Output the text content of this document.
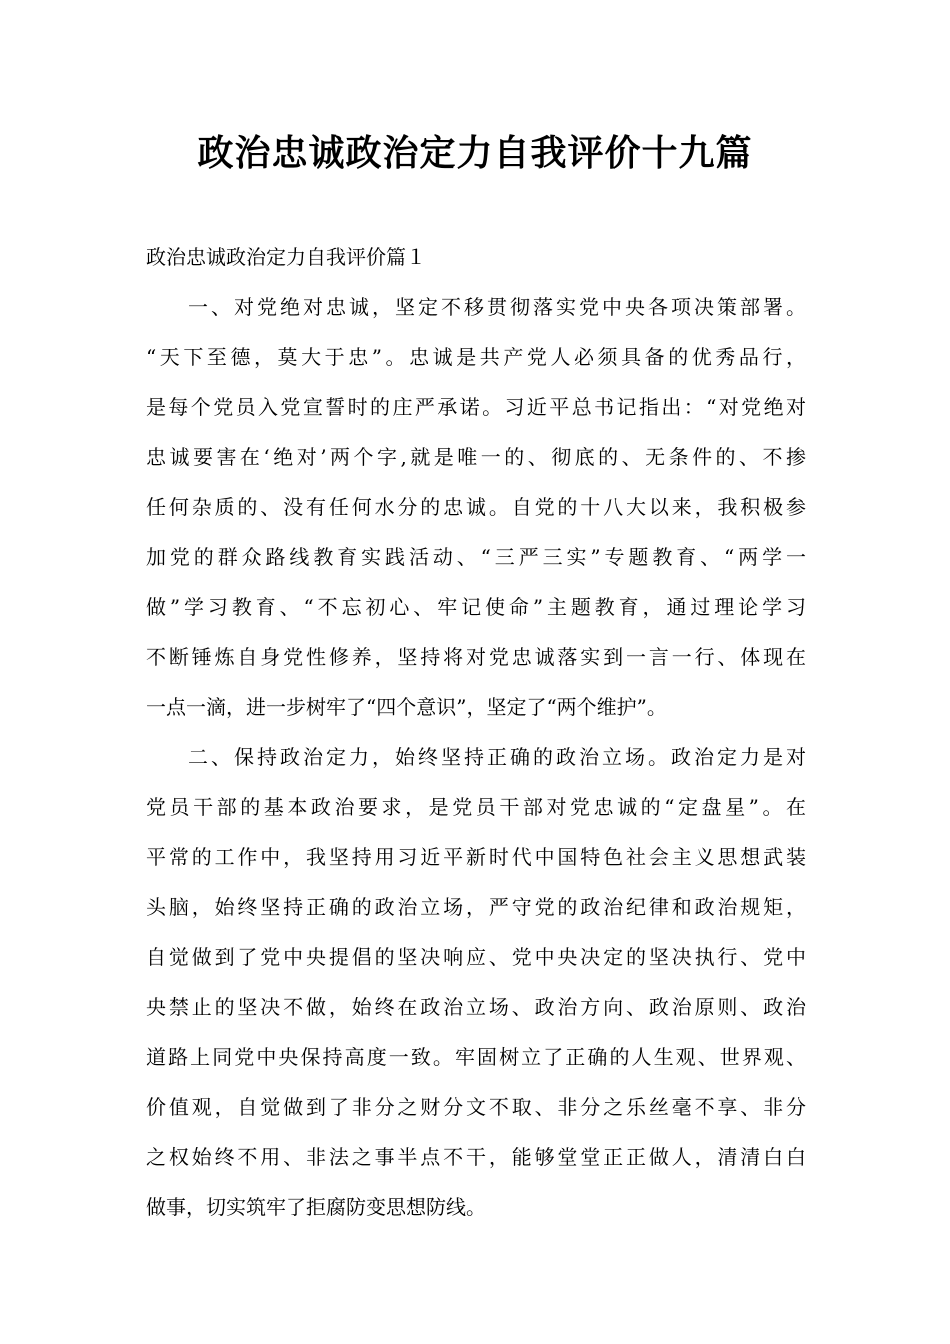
政治忠诚政治定力自我评价十九篇
政治忠诚政治定力自我评价篇１

一、对党绝对忠诚，坚定不移贯彻落实党中央各项决策部署。
“天下至德，莫大于忠”。忠诚是共产党人必须具备的优秀品行，
是每个党员入党宣誓时的庄严承诺。习近平总书记指出：“对党绝对
忠诚要害在‘绝对’两个字,就是唯一的、彻底的、无条件的、不掺
任何杂质的、没有任何水分的忠诚。自党的十八大以来，我积极参
加党的群众路线教育实践活动、“三严三实”专题教育、“两学一
做”学习教育、“不忘初心、牢记使命”主题教育，通过理论学习
不断锤炼自身党性修养，坚持将对党忠诚落实到一言一行、体现在
一点一滴，进一步树牢了“四个意识”，坚定了“两个维护”。

二、保持政治定力，始终坚持正确的政治立场。政治定力是对
党员干部的基本政治要求，是党员干部对党忠诚的“定盘星”。在
平常的工作中，我坚持用习近平新时代中国特色社会主义思想武装
头脑，始终坚持正确的政治立场，严守党的政治纪律和政治规矩，
自觉做到了党中央提倡的坚决响应、党中央决定的坚决执行、党中
央禁止的坚决不做，始终在政治立场、政治方向、政治原则、政治
道路上同党中央保持高度一致。牢固树立了正确的人生观、世界观、
价值观，自觉做到了非分之财分文不取、非分之乐丝毫不享、非分
之权始终不用、非法之事半点不干，能够堂堂正正做人，清清白白
做事，切实筑牢了拒腐防变思想防线。
